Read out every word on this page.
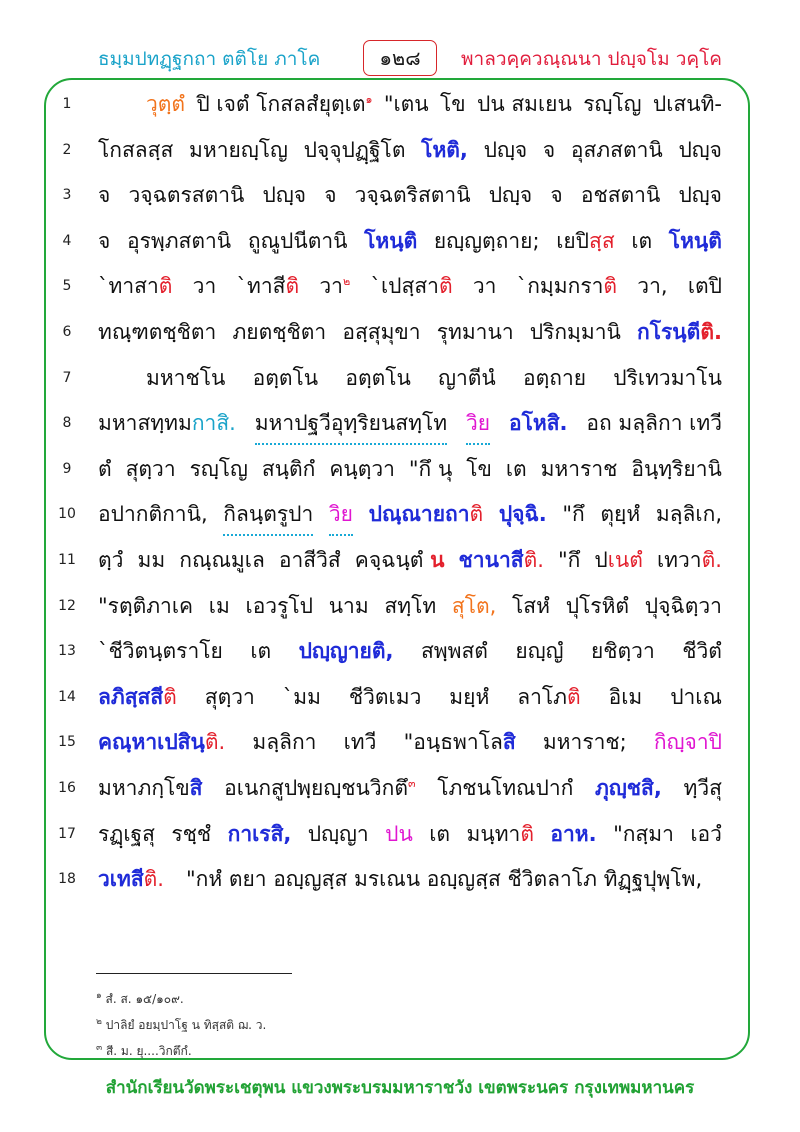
ธมฺมปทฏฺฐกถา ตติโย ภาโค	๑๒๘	พาลวคฺควณฺณนา ปญฺจโม วคฺโค
1	วุตฺตํ ปิ เจตํ โกสลสํยุตฺเต$^๑$ "เตน โข ปน สมเยน รญฺโญ ปเสนทิ-
2	โกสลสฺส มหายญฺโญ ปจฺจุปฏฺฐิโต โหติ, ปญฺจ จ อุสภสตานิ ปญฺจ
3	จ วจฺฉตรสตานิ ปญฺจ จ วจฺฉตริสตานิ ปญฺจ จ อชสตานิ ปญฺจ
4	จ อุรพฺภสตานิ ถูณูปนีตานิ โหนฺติ ยญฺญตฺถาย; เยปิสฺส เต โหนฺติ
5	`ทาสาติ วา `ทาสีติ วา$^๒$ `เปสฺสาติ วา `กมฺมกราติ วา, เตปิ
6	ทณฺฑตชฺชิตา ภยตชฺชิตา อสฺสุมุขา รุทมานา ปริกมฺมานิ กโรนฺตีติ.
7	มหาชโน อตฺตโน อตฺตโน ญาตีนํ อตฺถาย ปริเทวมาโน
8	มหาสทฺทมกาสิ. มหาปฐวีอุทฺริยนสทฺโท วิย อโหสิ. อถ มลฺลิกา เทวี
9	ตํ สุตฺวา รญฺโญ สนฺติกํ คนฺตฺวา "กึ นุ โข เต มหาราช อินฺทฺริยานิ
10 อปากติกานิ, กิลนฺตรูปา วิย ปณฺณายถาติ ปุจฺฉิ. "กึ ตุยฺหํ มลฺลิเก,
11 ตฺวํ มม กณฺณมูเล อาสีวิสํ คจฺฉนฺตํ น ชานาสีติ. "กึ ปเนตํ เทวาติ.
12 "รตฺติภาเค เม เอวรูโป นาม สทฺโท สุโต, โสหํ ปุโรหิตํ ปุจฺฉิตฺวา
13 `ชีวิตนฺตราโย เต ปญฺญายติ, สพฺพสตํ ยญฺญํ ยชิตฺวา ชีวิตํ
14 ลภิสฺสสีติ สุตฺวา `มม ชีวิตเมว มยฺหํ ลาโภติ อิเม ปาเณ
15 คณฺหาเปสินฺติ. มลฺลิกา เทวี "อนฺธพาโลสิ มหาราช; กิญฺจาปิ
16 มหาภกฺโขสิ อเนกสูปพฺยญฺชนวิกตึ$^๓$ โภชนโทณปากํ ภุญฺชสิ, ทฺวีสุ
17 รฏฺเฐสุ รชฺชํ กาเรสิ, ปญฺญา ปน เต มนฺทาติ อาห. "กสฺมา เอวํ
18 วเทสีติ. "กหํ ตยา อญฺญสฺส มรเณน อญฺญสฺส ชีวิตลาโภ ทิฏฺฐปุพฺโพ,
$^๑$ สํ. ส. ๑๕/๑๐๙.
$^๒$ ปาลิยํ อยมฺปาโฐ น ทิสฺสติ ฌ. ว.
$^๓$ สี. ม. ยุ....วิกตึกํ.
สำนักเรียนวัดพระเชตุพน แขวงพระบรมมหาราชวัง เขตพระนคร กรุงเทพมหานคร
